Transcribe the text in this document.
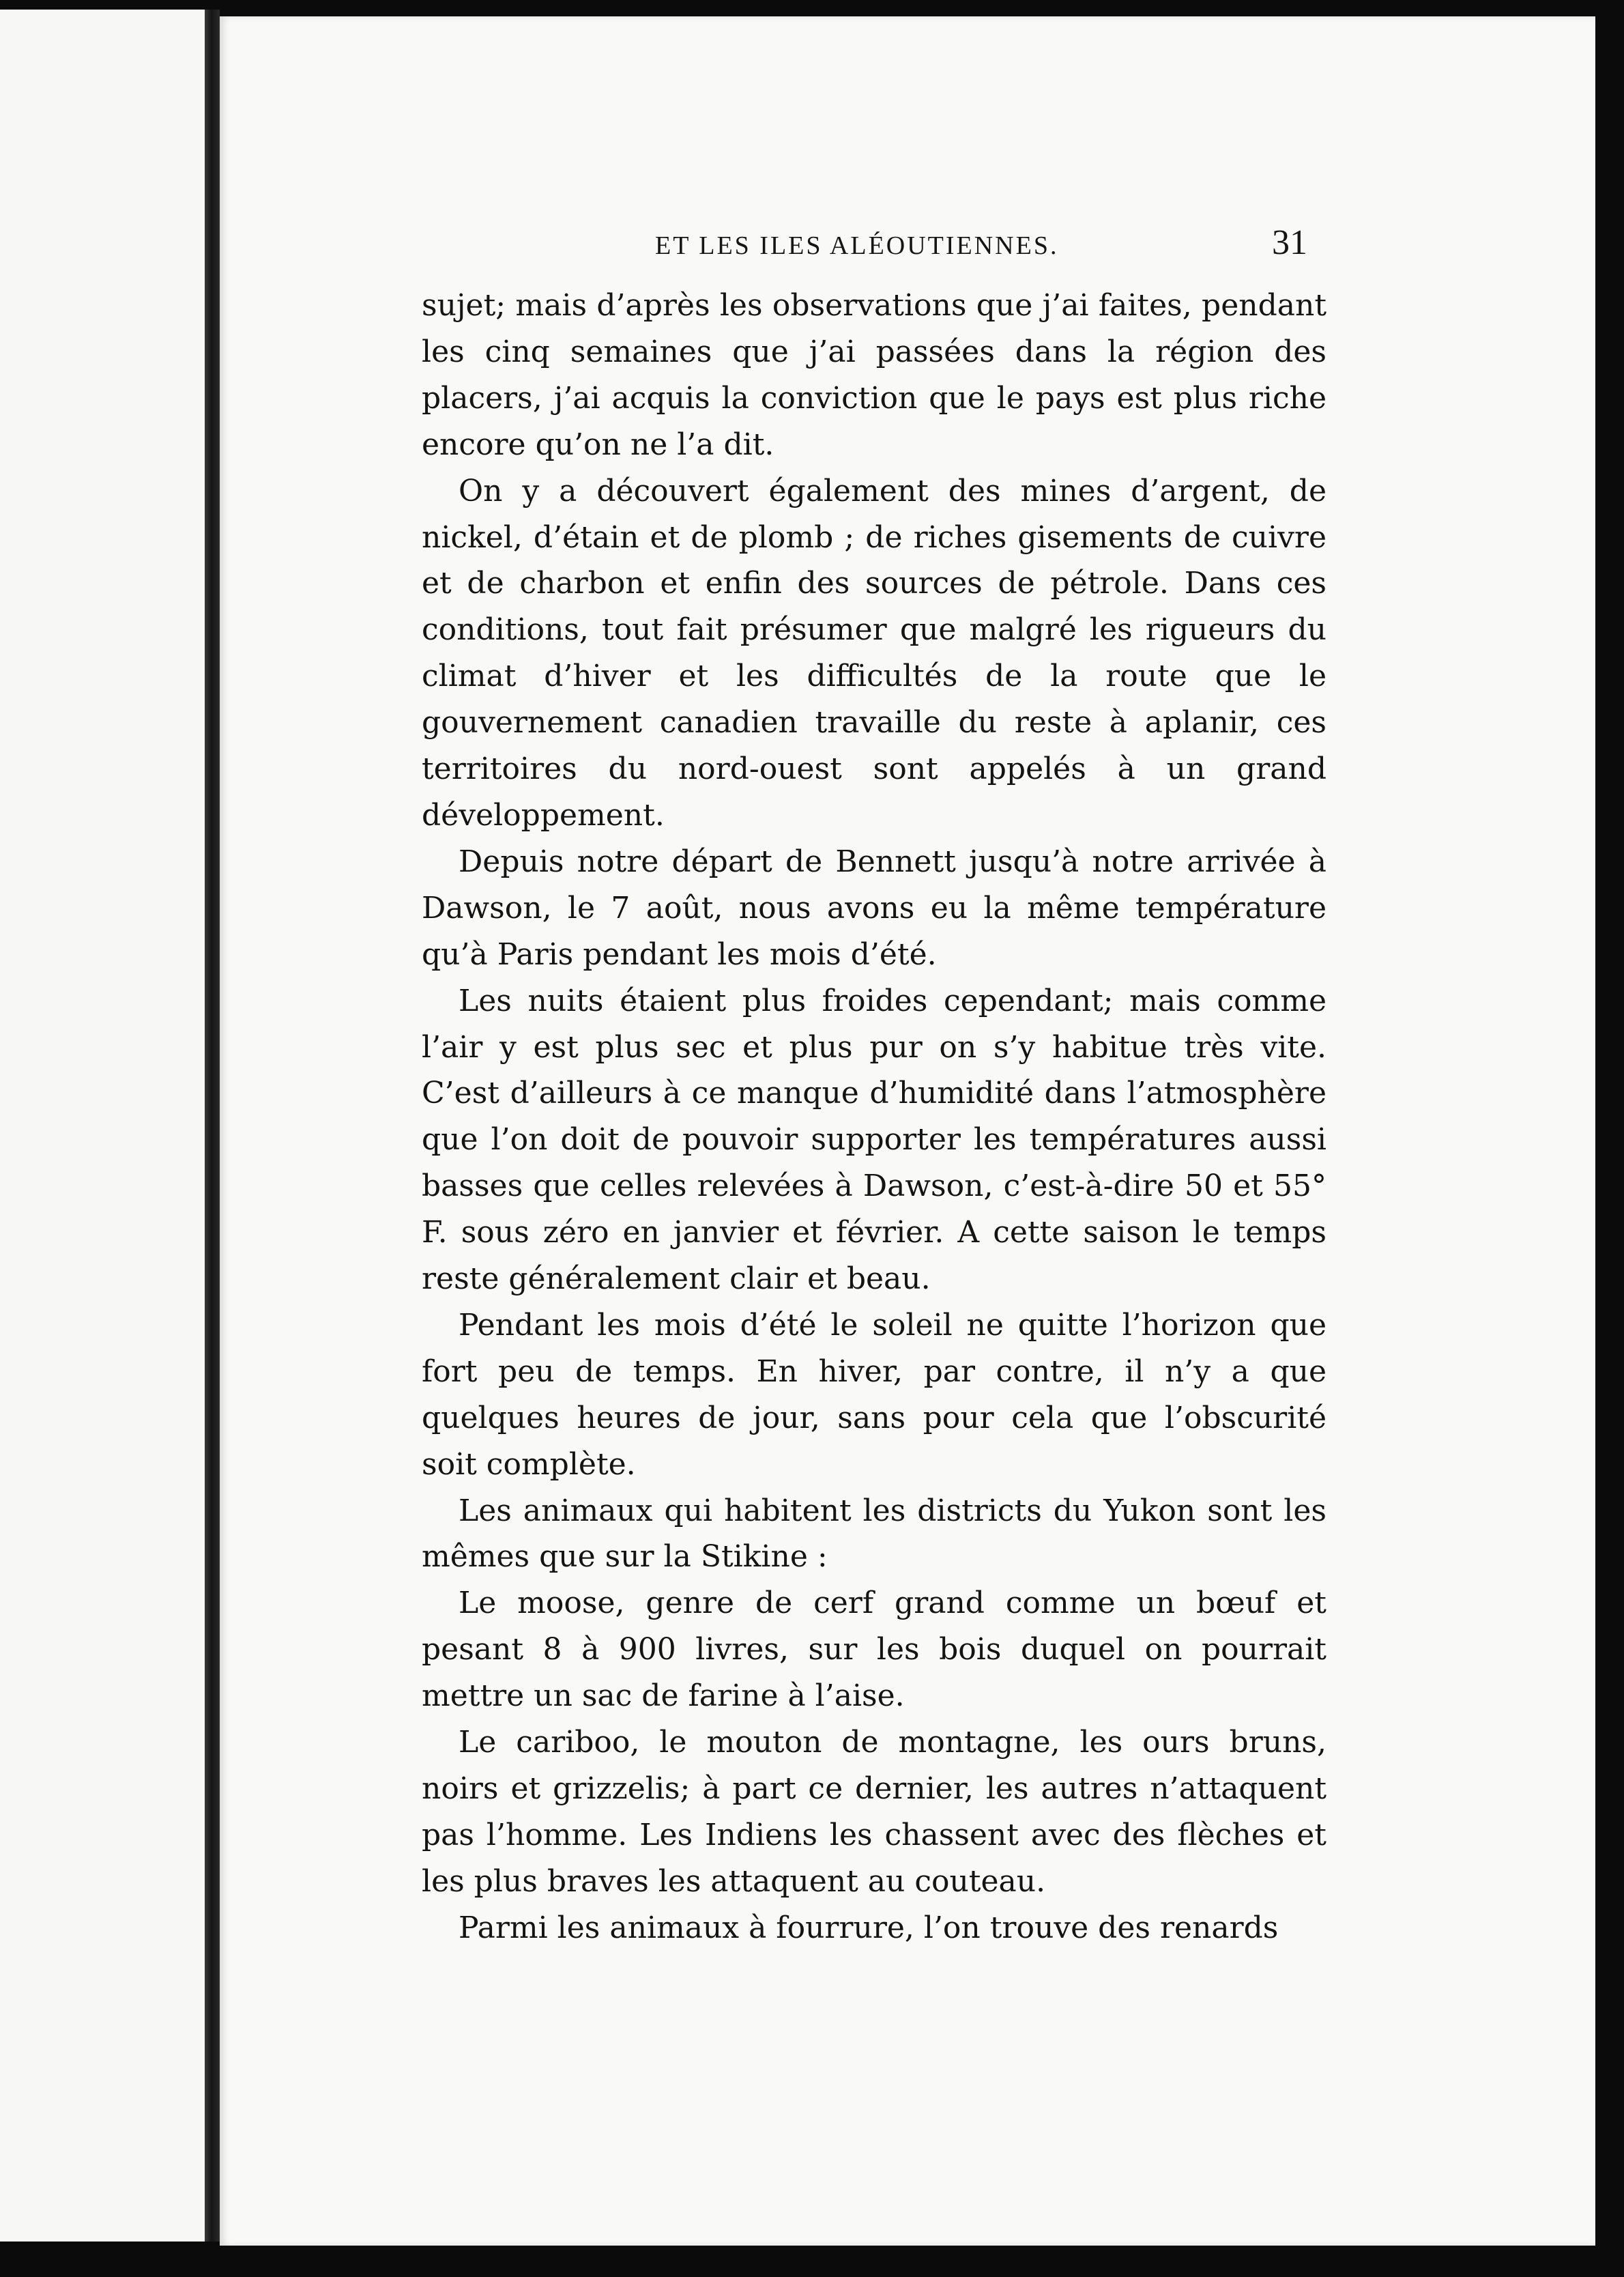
ET LES ILES ALÉOUTIENNES.	31

sujet; mais d’après les observations que j’ai faites, pendant les cinq semaines que j’ai passées dans la région des placers, j’ai acquis la conviction que le pays est plus riche encore qu’on ne l’a dit.

On y a découvert également des mines d’argent, de nickel, d’étain et de plomb ; de riches gisements de cuivre et de charbon et enfin des sources de pétrole. Dans ces conditions, tout fait présumer que malgré les rigueurs du climat d’hiver et les difficultés de la route que le gouvernement canadien travaille du reste à aplanir, ces territoires du nord-ouest sont appelés à un grand développement.

Depuis notre départ de Bennett jusqu’à notre arrivée à Dawson, le 7 août, nous avons eu la même température qu’à Paris pendant les mois d’été.

Les nuits étaient plus froides cependant; mais comme l’air y est plus sec et plus pur on s’y habitue très vite. C’est d’ailleurs à ce manque d’humidité dans l’atmosphère que l’on doit de pouvoir supporter les températures aussi basses que celles relevées à Dawson, c’est-à-dire 50 et 55° F. sous zéro en janvier et février. A cette saison le temps reste généralement clair et beau.

Pendant les mois d’été le soleil ne quitte l’horizon que fort peu de temps. En hiver, par contre, il n’y a que quelques heures de jour, sans pour cela que l’obscurité soit complète.

Les animaux qui habitent les districts du Yukon sont les mêmes que sur la Stikine :

Le moose, genre de cerf grand comme un bœuf et pesant 8 à 900 livres, sur les bois duquel on pourrait mettre un sac de farine à l’aise.

Le cariboo, le mouton de montagne, les ours bruns, noirs et grizzelis; à part ce dernier, les autres n’attaquent pas l’homme. Les Indiens les chassent avec des flèches et les plus braves les attaquent au couteau.

Parmi les animaux à fourrure, l’on trouve des renards
